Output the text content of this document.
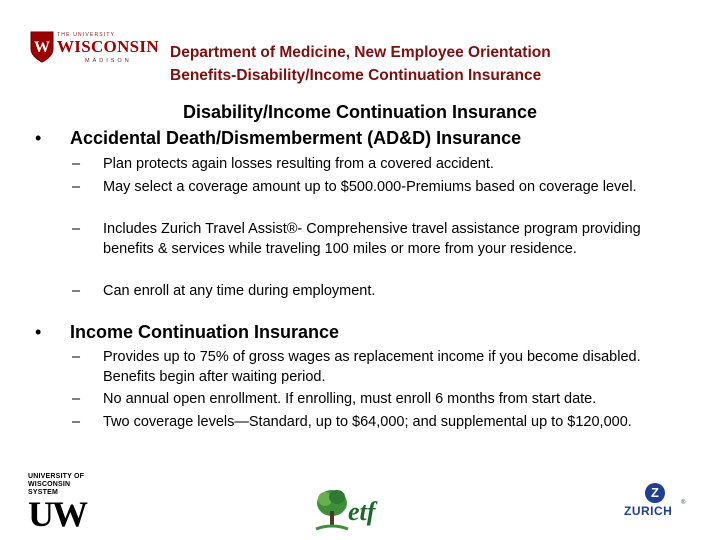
W
THE UNIVERSITY
WISCONSIN
MADISON Department of Medicine, New Employee Orientation
Benefits-Disability/Income Continuation Insurance
Disability/Income Continuation Insurance
• Accidental Death/Dismemberment (AD&D) Insurance
–	Plan protects again losses resulting from a covered accident.
–	May select a coverage amount up to $500.000-Premiums based on coverage level.
–	Includes Zurich Travel Assist®- Comprehensive travel assistance program providing benefits & services while traveling 100 miles or more from your residence.
–	Can enroll at any time during employment.
• Income Continuation Insurance
–	Provides up to 75% of gross wages as replacement income if you become disabled. Benefits begin after waiting period.
–	No annual open enrollment. If enrolling, must enroll 6 months from start date.
–	Two coverage levels—Standard, up to $64,000; and supplemental up to $120,000.
UNIVERSITY OF
WISCONSIN SYSTEM
UW	etf
Z
ZURICH
®
